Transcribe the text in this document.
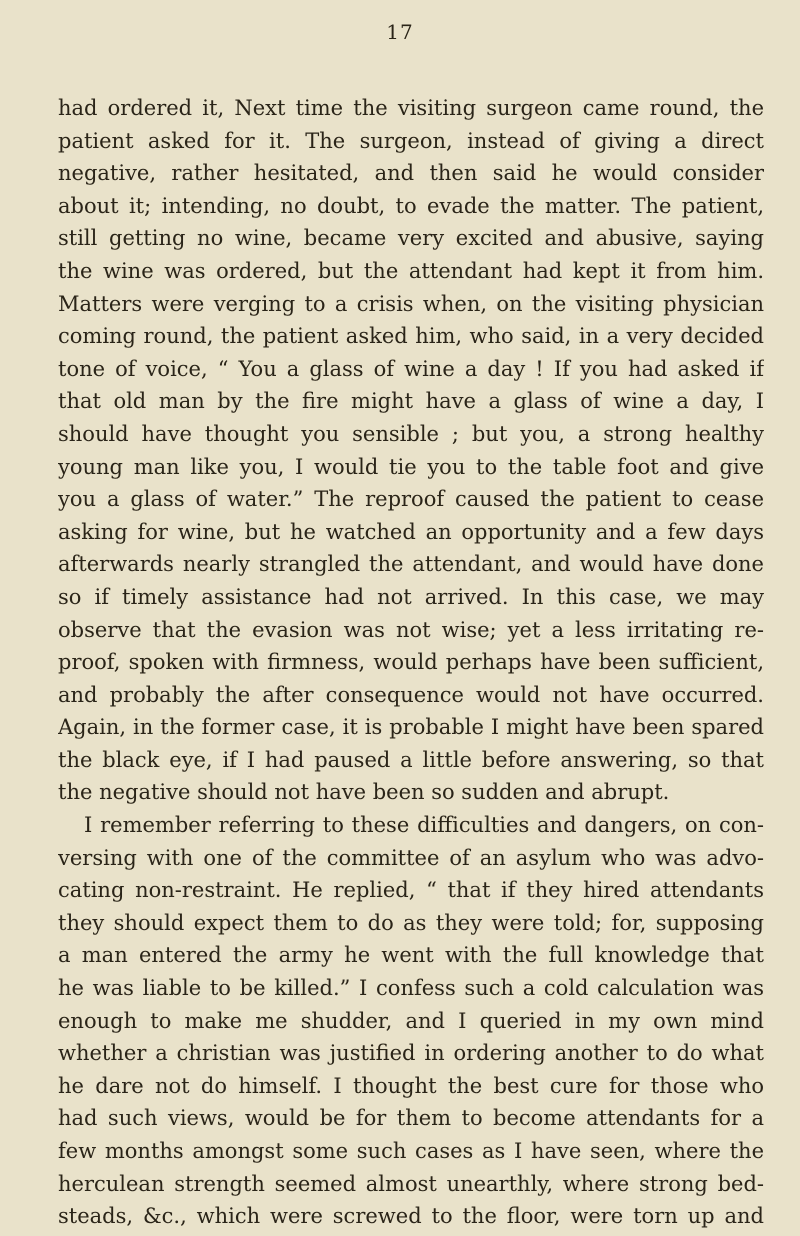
17
had ordered it, Next time the visiting surgeon came round, the
patient asked for it. The surgeon, instead of giving a direct
negative, rather hesitated, and then said he would consider
about it; intending, no doubt, to evade the matter. The patient,
still getting no wine, became very excited and abusive, saying
the wine was ordered, but the attendant had kept it from him.
Matters were verging to a crisis when, on the visiting physician
coming round, the patient asked him, who said, in a very decided
tone of voice, “ You a glass of wine a day ! If you had asked if
that old man by the fire might have a glass of wine a day, I
should have thought you sensible ; but you, a strong healthy
young man like you, I would tie you to the table foot and give
you a glass of water.” The reproof caused the patient to cease
asking for wine, but he watched an opportunity and a few days
afterwards nearly strangled the attendant, and would have done
so if timely assistance had not arrived. In this case, we may
observe that the evasion was not wise; yet a less irritating re-
proof, spoken with firmness, would perhaps have been sufficient,
and probably the after consequence would not have occurred.
Again, in the former case, it is probable I might have been spared
the black eye, if I had paused a little before answering, so that
the negative should not have been so sudden and abrupt.
I remember referring to these difficulties and dangers, on con-
versing with one of the committee of an asylum who was advo-
cating non-restraint. He replied, “ that if they hired attendants
they should expect them to do as they were told; for, supposing
a man entered the army he went with the full knowledge that
he was liable to be killed.” I confess such a cold calculation was
enough to make me shudder, and I queried in my own mind
whether a christian was justified in ordering another to do what
he dare not do himself. I thought the best cure for those who
had such views, would be for them to become attendants for a
few months amongst some such cases as I have seen, where the
herculean strength seemed almost unearthly, where strong bed-
steads, &c., which were screwed to the floor, were torn up and
